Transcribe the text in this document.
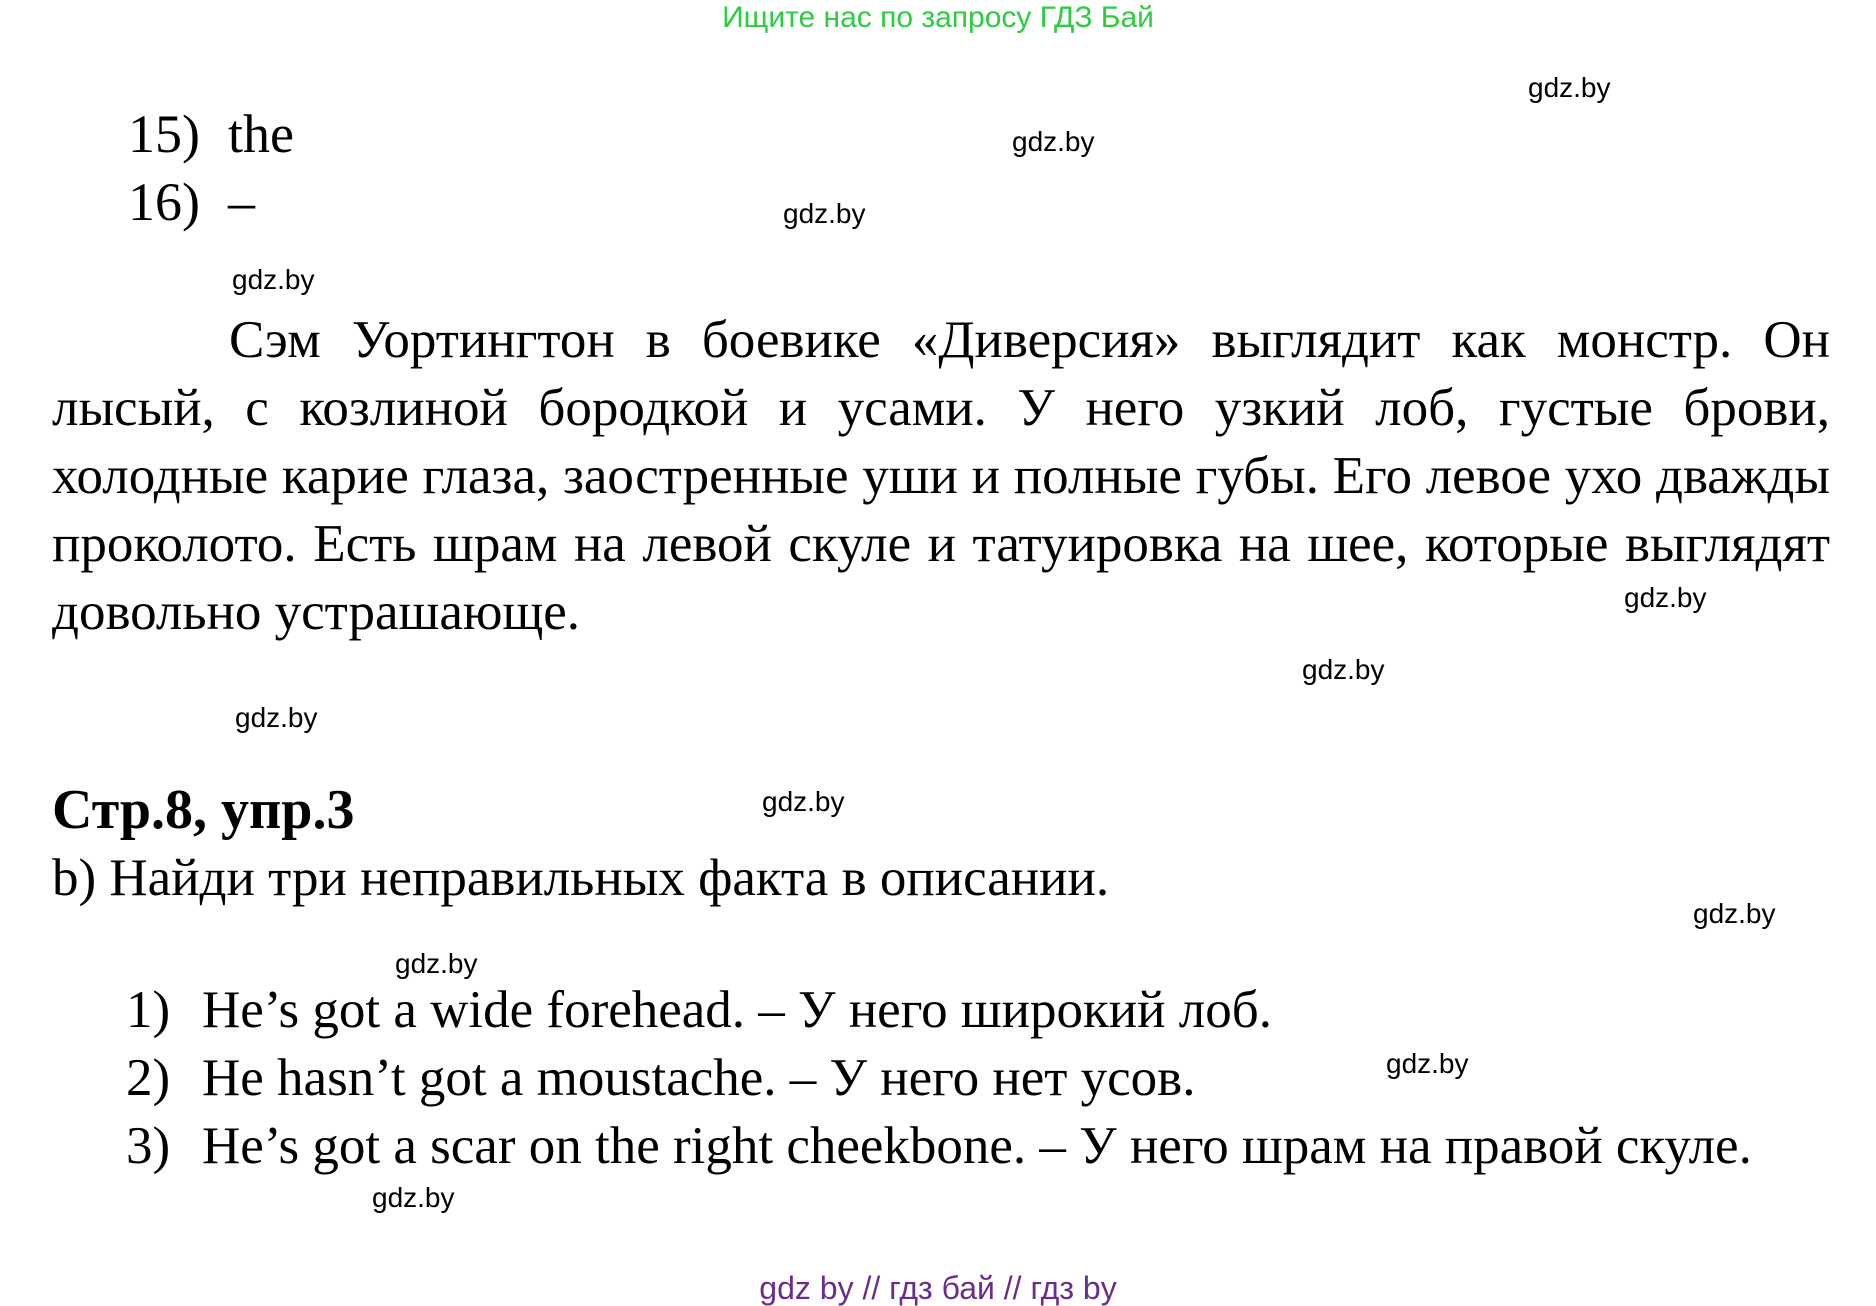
Ищите нас по запросу ГДЗ Бай
gdz.by
gdz.by
gdz.by
gdz.by
gdz.by
gdz.by
gdz.by
gdz.by
gdz.by
gdz.by
gdz.by
gdz.by
15) the
16) –
Сэм Уортингтон в боевике «Диверсия» выглядит как монстр. Он лысый, с козлиной бородкой и усами. У него узкий лоб, густые брови, холодные карие глаза, заостренные уши и полные губы. Его левое ухо дважды проколото. Есть шрам на левой скуле и татуировка на шее, которые выглядят довольно устрашающе.
Стр.8, упр.3
b) Найди три неправильных факта в описании.
1) He’s got a wide forehead. – У него широкий лоб.
2) He hasn’t got a moustache. – У него нет усов.
3) He’s got a scar on the right cheekbone. – У него шрам на правой скуле.
gdz by // гдз бай // гдз by
